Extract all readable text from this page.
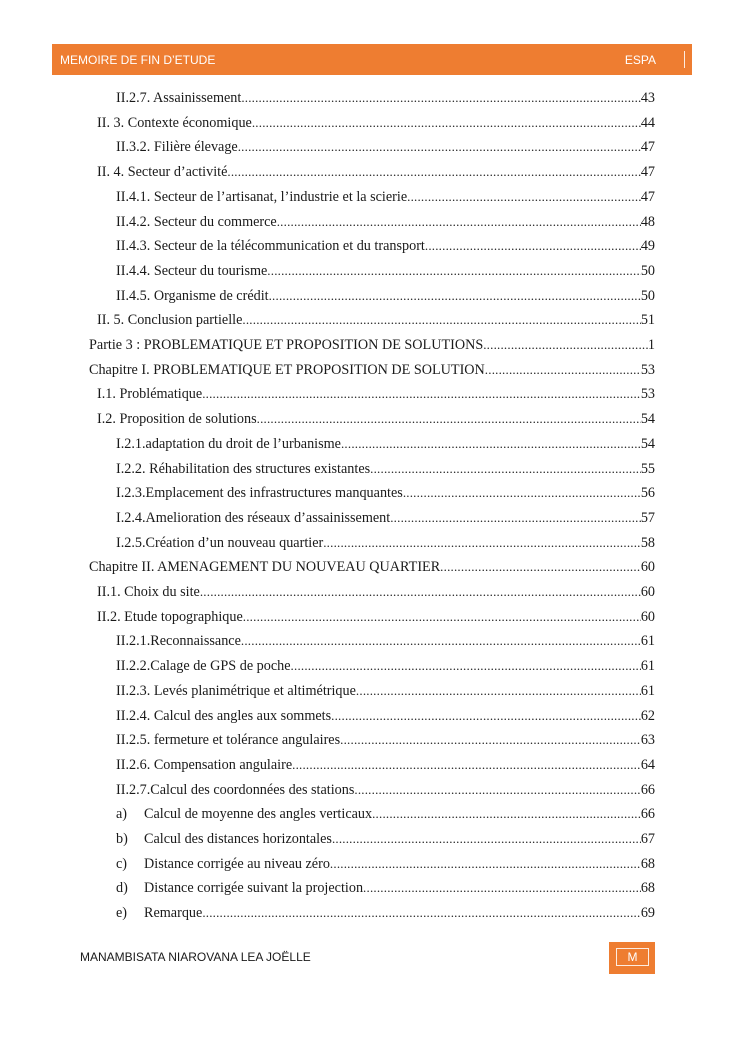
MEMOIRE DE FIN D’ETUDE	ESPA
II.2.7. Assainissement .....	43
II. 3. Contexte économique .....	44
II.3.2. Filière élevage .....	47
II. 4. Secteur d’activité .....	47
II.4.1. Secteur de l’artisanat, l’industrie et la scierie .....	47
II.4.2. Secteur du commerce .....	48
II.4.3. Secteur de la télécommunication et du transport .....	49
II.4.4. Secteur du tourisme .....	50
II.4.5. Organisme de crédit .....	50
II. 5. Conclusion partielle .....	51
Partie 3 : PROBLEMATIQUE ET PROPOSITION DE SOLUTIONS .....	1
Chapitre I. PROBLEMATIQUE ET PROPOSITION DE SOLUTION .....	53
I.1. Problématique .....	53
I.2. Proposition de solutions .....	54
I.2.1.adaptation du droit de l’urbanisme .....	54
I.2.2. Réhabilitation des structures existantes .....	55
I.2.3.Emplacement des infrastructures manquantes .....	56
I.2.4.Amelioration des réseaux d’assainissement .....	57
I.2.5.Création d’un nouveau quartier .....	58
Chapitre II. AMENAGEMENT DU NOUVEAU QUARTIER .....	60
II.1. Choix du site .....	60
II.2. Etude topographique .....	60
II.2.1.Reconnaissance .....	61
II.2.2.Calage de GPS de poche .....	61
II.2.3. Levés planimétrique et altimétrique .....	61
II.2.4. Calcul des angles aux sommets .....	62
II.2.5. fermeture et tolérance angulaires .....	63
II.2.6. Compensation angulaire .....	64
II.2.7.Calcul des coordonnées des stations .....	66
a) Calcul de moyenne des angles verticaux .....	66
b) Calcul des distances horizontales .....	67
c) Distance corrigée au niveau zéro .....	68
d) Distance corrigée suivant la projection .....	68
e) Remarque .....	69
MANAMBISATA NIAROVANA LEA JOËLLE	M
